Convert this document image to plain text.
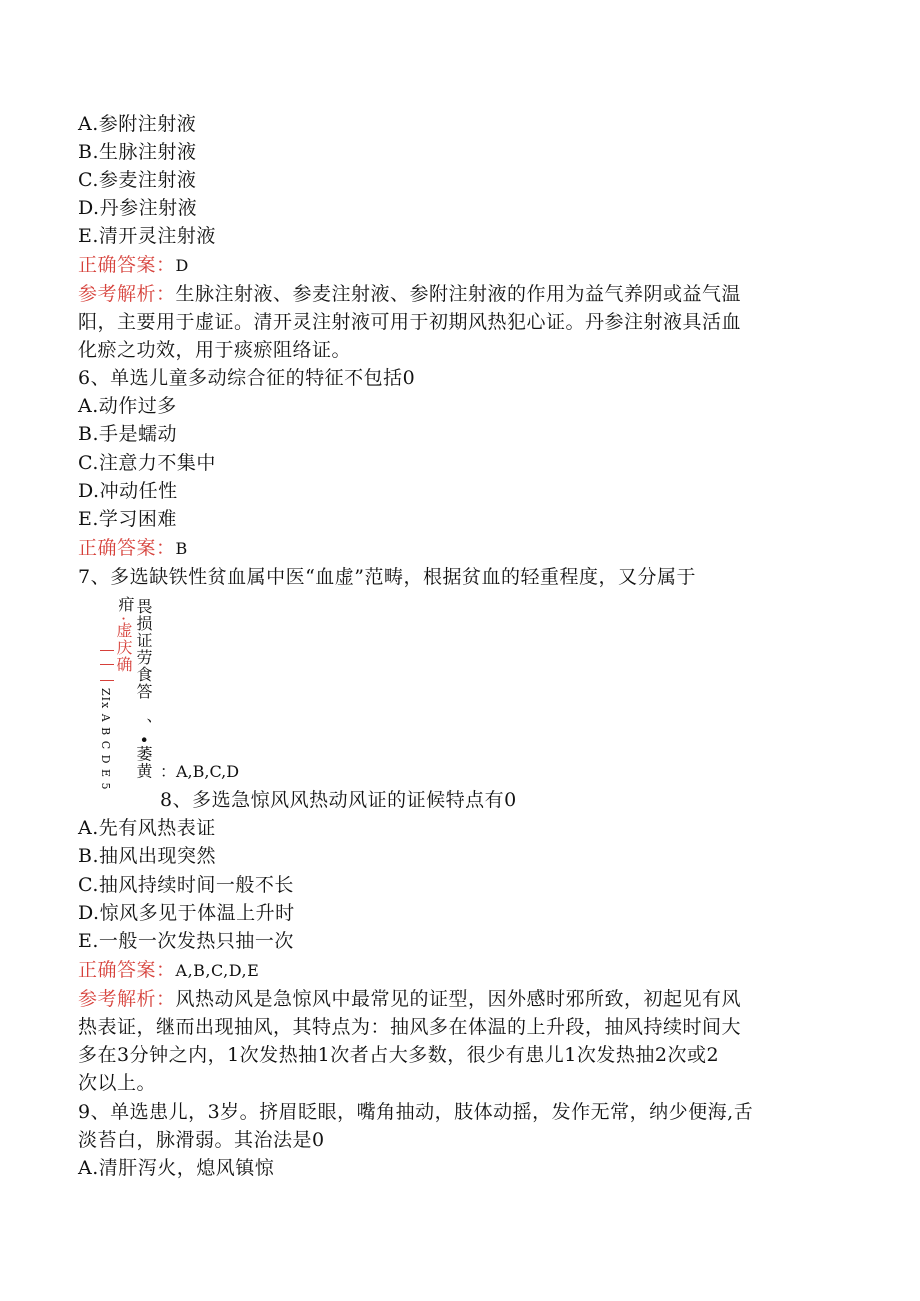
A.参附注射液
B.生脉注射液
C.参麦注射液
D.丹参注射液
E.清开灵注射液
正确答案：D
参考解析：生脉注射液、参麦注射液、参附注射液的作用为益气养阴或益气温
阳，主要用于虚证。清开灵注射液可用于初期风热犯心证。丹参注射液具活血
化瘀之功效，用于痰瘀阻络证。
6、单选儿童多动综合征的特征不包括0
A.动作过多
B.手是蠕动
C.注意力不集中
D.冲动任性
E.学习困难
正确答案：B
7、多选缺铁性贫血属中医“血虚”范畴，根据贫血的轻重程度，又分属于
疳
·虚庆确 畏损证劳食答
ZIx A B C D E 5 、•萎黄 ：A,B,C,D
8、多选急惊风风热动风证的证候特点有0
A.先有风热表证
B.抽风出现突然
C.抽风持续时间一般不长
D.惊风多见于体温上升时
E.一般一次发热只抽一次
正确答案：A,B,C,D,E
参考解析：风热动风是急惊风中最常见的证型，因外感时邪所致，初起见有风
热表证，继而出现抽风，其特点为：抽风多在体温的上升段，抽风持续时间大
多在3分钟之内，1次发热抽1次者占大多数，很少有患儿1次发热抽2次或2
次以上。
9、单选患儿，3岁。挤眉眨眼，嘴角抽动，肢体动摇，发作无常，纳少便海,舌
淡苔白，脉滑弱。其治法是0
A.清肝泻火，熄风镇惊
